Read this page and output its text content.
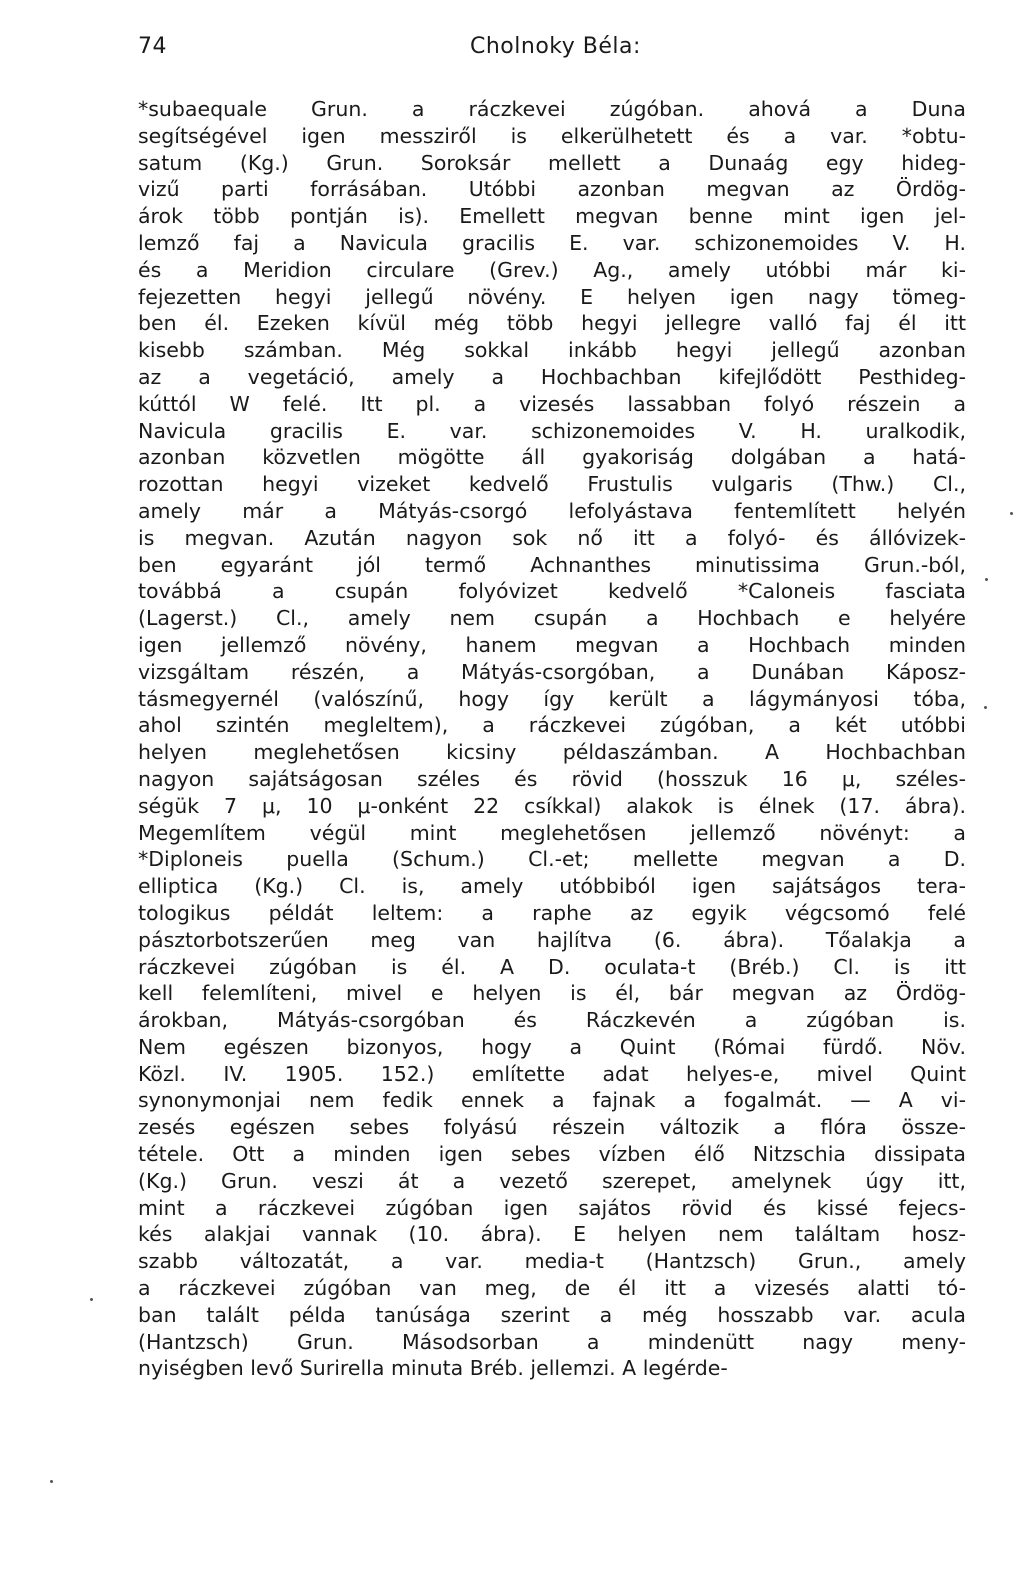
74	Cholnoky Béla:
*subaequale Grun. a ráczkevei zúgóban. ahová a Duna
segítségével igen messziről is elkerülhetett és a var. *obtu-
satum (Kg.) Grun. Soroksár mellett a Dunaág egy hideg-
vizű parti forrásában. Utóbbi azonban megvan az Ördög-
árok több pontján is). Emellett megvan benne mint igen jel-
lemző faj a Navicula gracilis E. var. schizonemoides V. H.
és a Meridion circulare (Grev.) Ag., amely utóbbi már ki-
fejezetten hegyi jellegű növény. E helyen igen nagy tömeg-
ben él. Ezeken kívül még több hegyi jellegre valló faj él itt
kisebb számban. Még sokkal inkább hegyi jellegű azonban
az a vegetáció, amely a Hochbachban kifejlődött Pesthideg-
kúttól W felé. Itt pl. a vizesés lassabban folyó részein a
Navicula gracilis E. var. schizonemoides V. H. uralkodik,
azonban közvetlen mögötte áll gyakoriság dolgában a hatá-
rozottan hegyi vizeket kedvelő Frustulis vulgaris (Thw.) Cl.,
amely már a Mátyás-csorgó lefolyástava fentemlített helyén
is megvan. Azután nagyon sok nő itt a folyó- és állóvizek-
ben egyaránt jól termő Achnanthes minutissima Grun.-ból,
továbbá a csupán folyóvizet kedvelő *Caloneis fasciata
(Lagerst.) Cl., amely nem csupán a Hochbach e helyére
igen jellemző növény, hanem megvan a Hochbach minden
vizsgáltam részén, a Mátyás-csorgóban, a Dunában Káposz-
tásmegyernél (valószínű, hogy így került a lágymányosi tóba,
ahol szintén megleltem), a ráczkevei zúgóban, a két utóbbi
helyen meglehetősen kicsiny példaszámban. A Hochbachban
nagyon sajátságosan széles és rövid (hosszuk 16 μ, széles-
ségük 7 μ, 10 μ-onként 22 csíkkal) alakok is élnek (17. ábra).
Megemlítem végül mint meglehetősen jellemző növényt: a
*Diploneis puella (Schum.) Cl.-et; mellette megvan a D.
elliptica (Kg.) Cl. is, amely utóbbiból igen sajátságos tera-
tologikus példát leltem: a raphe az egyik végcsomó felé
pásztorbotszerűen meg van hajlítva (6. ábra). Tőalakja a
ráczkevei zúgóban is él. A D. oculata-t (Bréb.) Cl. is itt
kell felemlíteni, mivel e helyen is él, bár megvan az Ördög-
árokban, Mátyás-csorgóban és Ráczkevén a zúgóban is.
Nem egészen bizonyos, hogy a Quint (Római fürdő. Növ.
Közl. IV. 1905. 152.) említette adat helyes-e, mivel Quint
synonymonjai nem fedik ennek a fajnak a fogalmát. — A vi-
zesés egészen sebes folyású részein változik a flóra össze-
tétele. Ott a minden igen sebes vízben élő Nitzschia dissipata
(Kg.) Grun. veszi át a vezető szerepet, amelynek úgy itt,
mint a ráczkevei zúgóban igen sajátos rövid és kissé fejecs-
kés alakjai vannak (10. ábra). E helyen nem találtam hosz-
szabb változatát, a var. media-t (Hantzsch) Grun., amely
a ráczkevei zúgóban van meg, de él itt a vizesés alatti tó-
ban talált példa tanúsága szerint a még hosszabb var. acula
(Hantzsch) Grun. Másodsorban a mindenütt nagy meny-
nyiségben levő Surirella minuta Bréb. jellemzi. A legérde-
